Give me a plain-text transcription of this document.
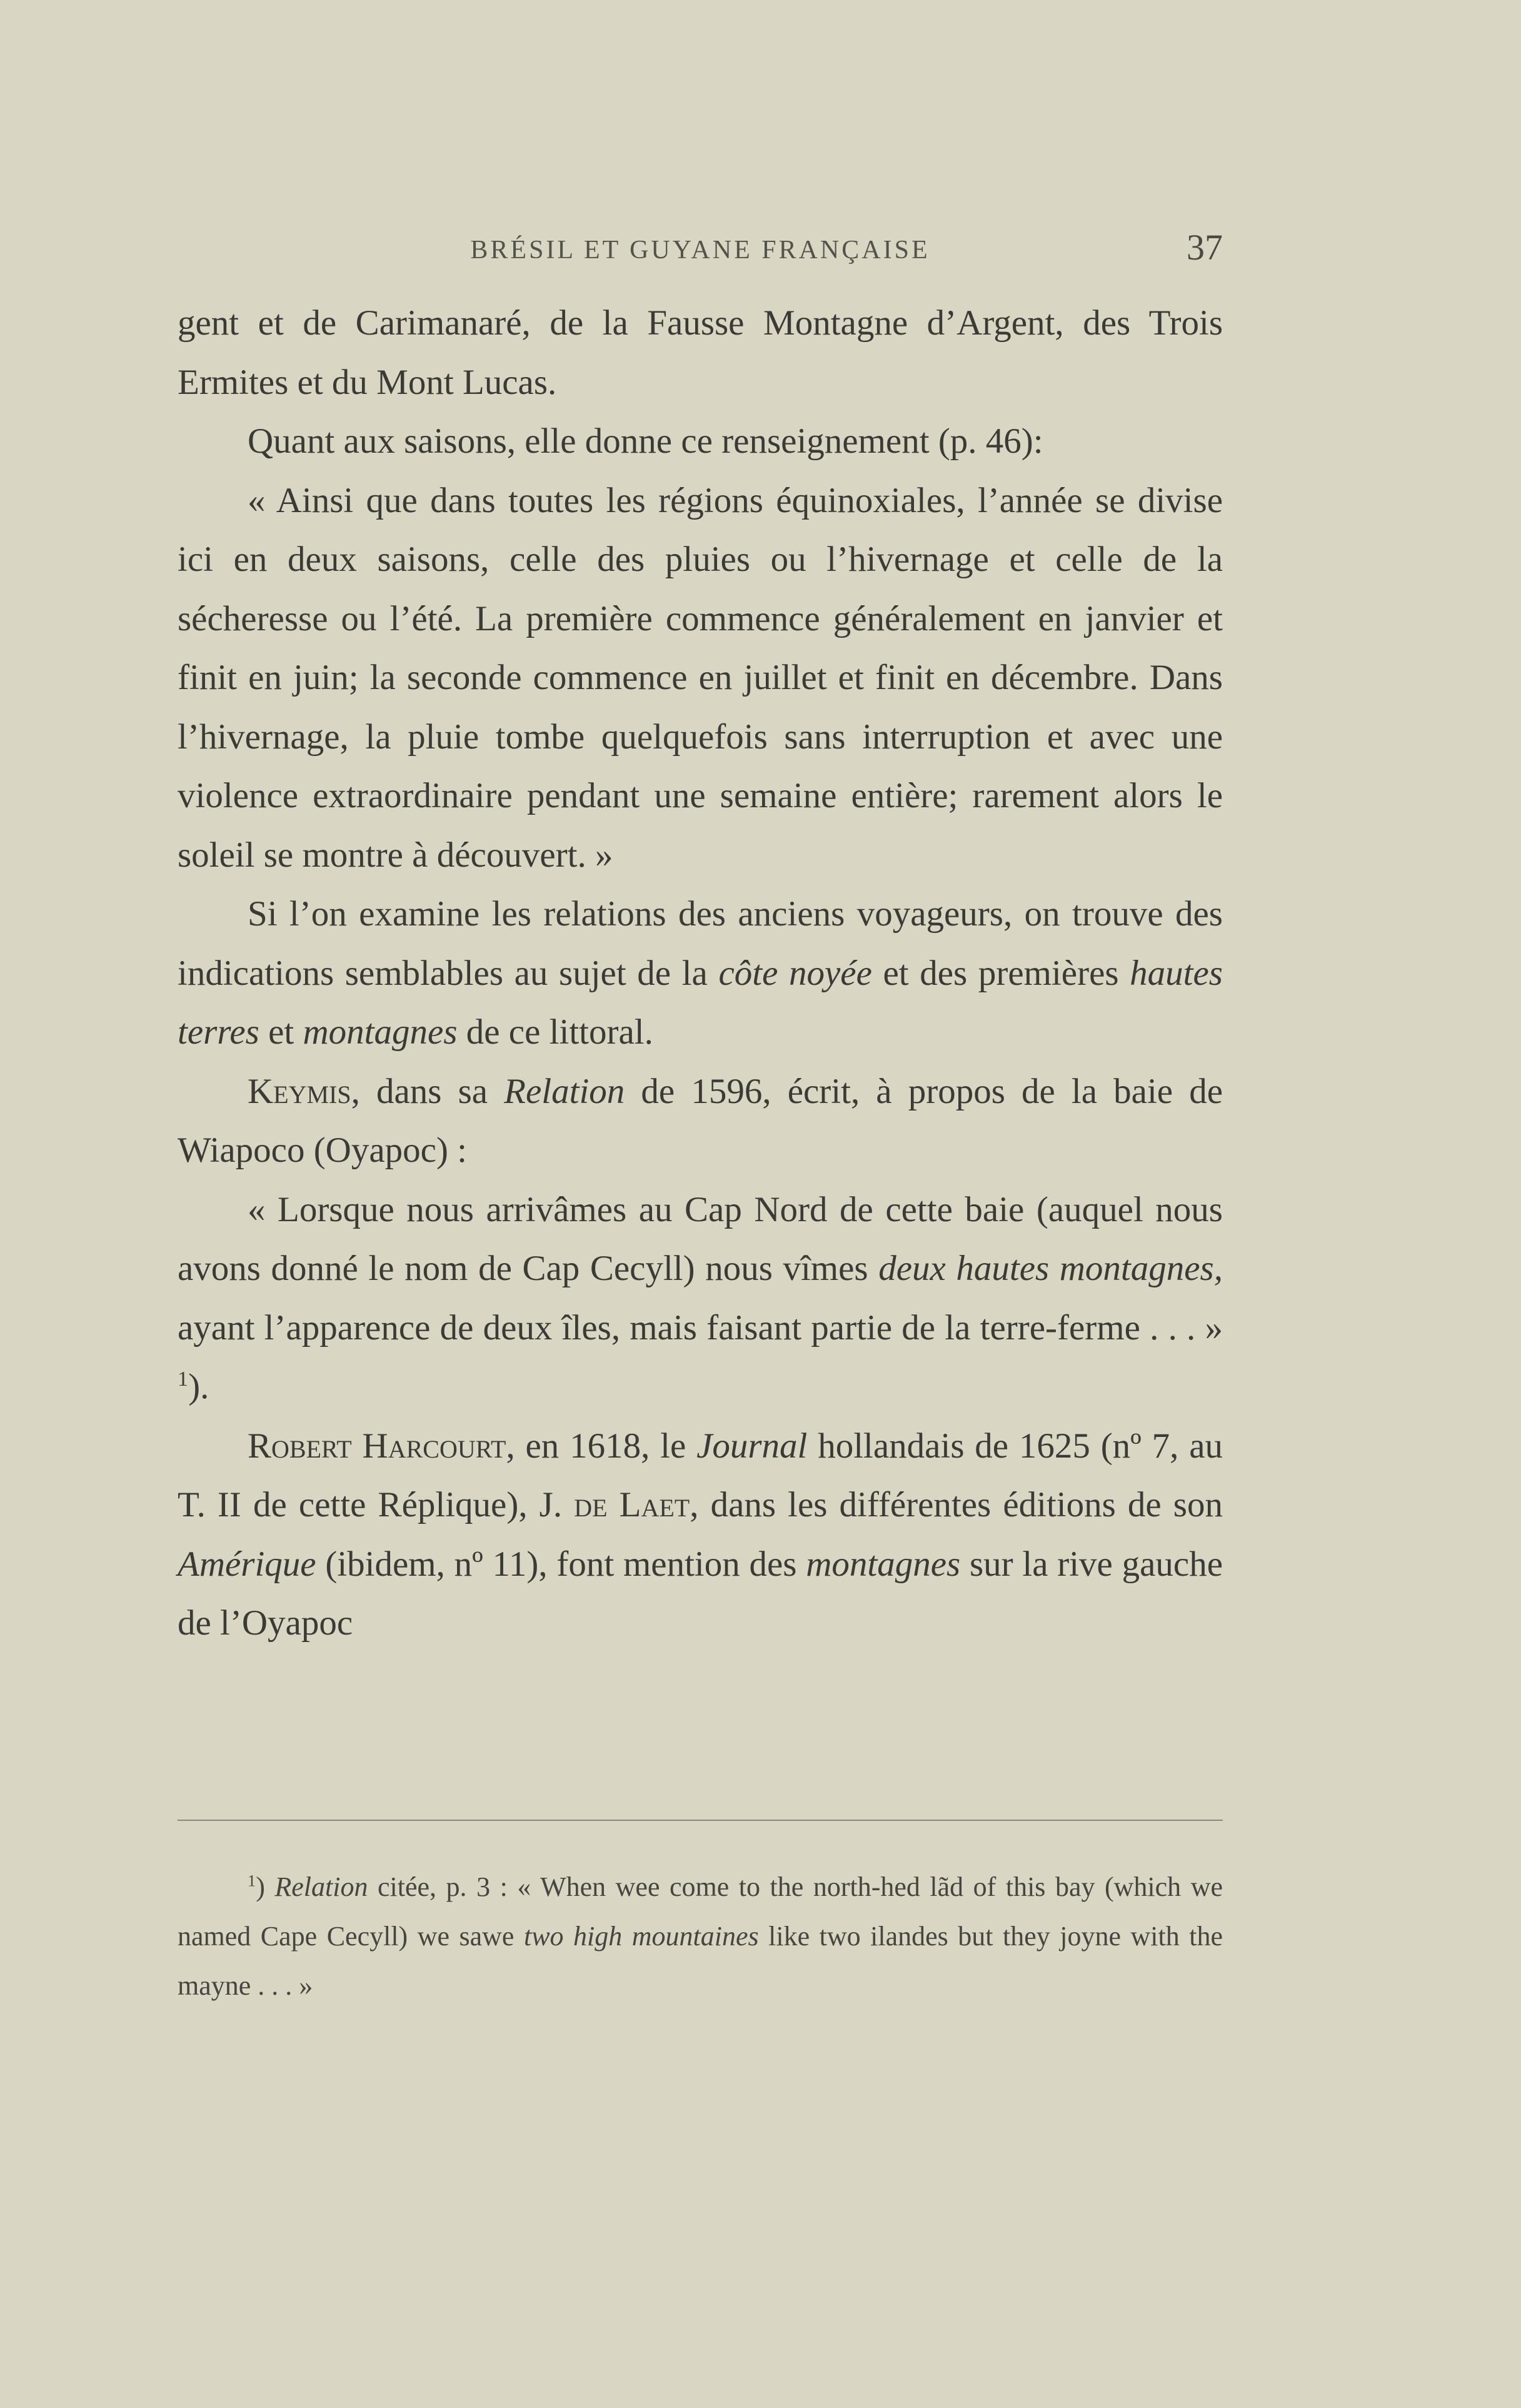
BRÉSIL ET GUYANE FRANÇAISE	37

gent et de Carimanaré, de la Fausse Montagne d’Argent, des Trois Ermites et du Mont Lucas.

Quant aux saisons, elle donne ce renseignement (p. 46):

« Ainsi que dans toutes les régions équinoxiales, l’année se divise ici en deux saisons, celle des pluies ou l’hivernage et celle de la sécheresse ou l’été. La première commence généralement en janvier et finit en juin; la seconde commence en juillet et finit en décembre. Dans l’hivernage, la pluie tombe quelquefois sans interruption et avec une violence extraordinaire pendant une semaine entière; rarement alors le soleil se montre à découvert. »

Si l’on examine les relations des anciens voyageurs, on trouve des indications semblables au sujet de la côte noyée et des premières hautes terres et montagnes de ce littoral.

Keymis, dans sa Relation de 1596, écrit, à propos de la baie de Wiapoco (Oyapoc) :

« Lorsque nous arrivâmes au Cap Nord de cette baie (auquel nous avons donné le nom de Cap Cecyll) nous vîmes deux hautes montagnes, ayant l’apparence de deux îles, mais faisant partie de la terre-ferme . . . » $^1$).

Robert Harcourt, en 1618, le Journal hollandais de 1625 (nº 7, au T. II de cette Réplique), J. de Laet, dans les différentes éditions de son Amérique (ibidem, nº 11), font mention des montagnes sur la rive gauche de l’Oyapoc

$^1$) Relation citée, p. 3 : « When wee come to the north-hed lãd of this bay (which we named Cape Cecyll) we sawe two high mountaines like two ilandes but they joyne with the mayne . . . »
